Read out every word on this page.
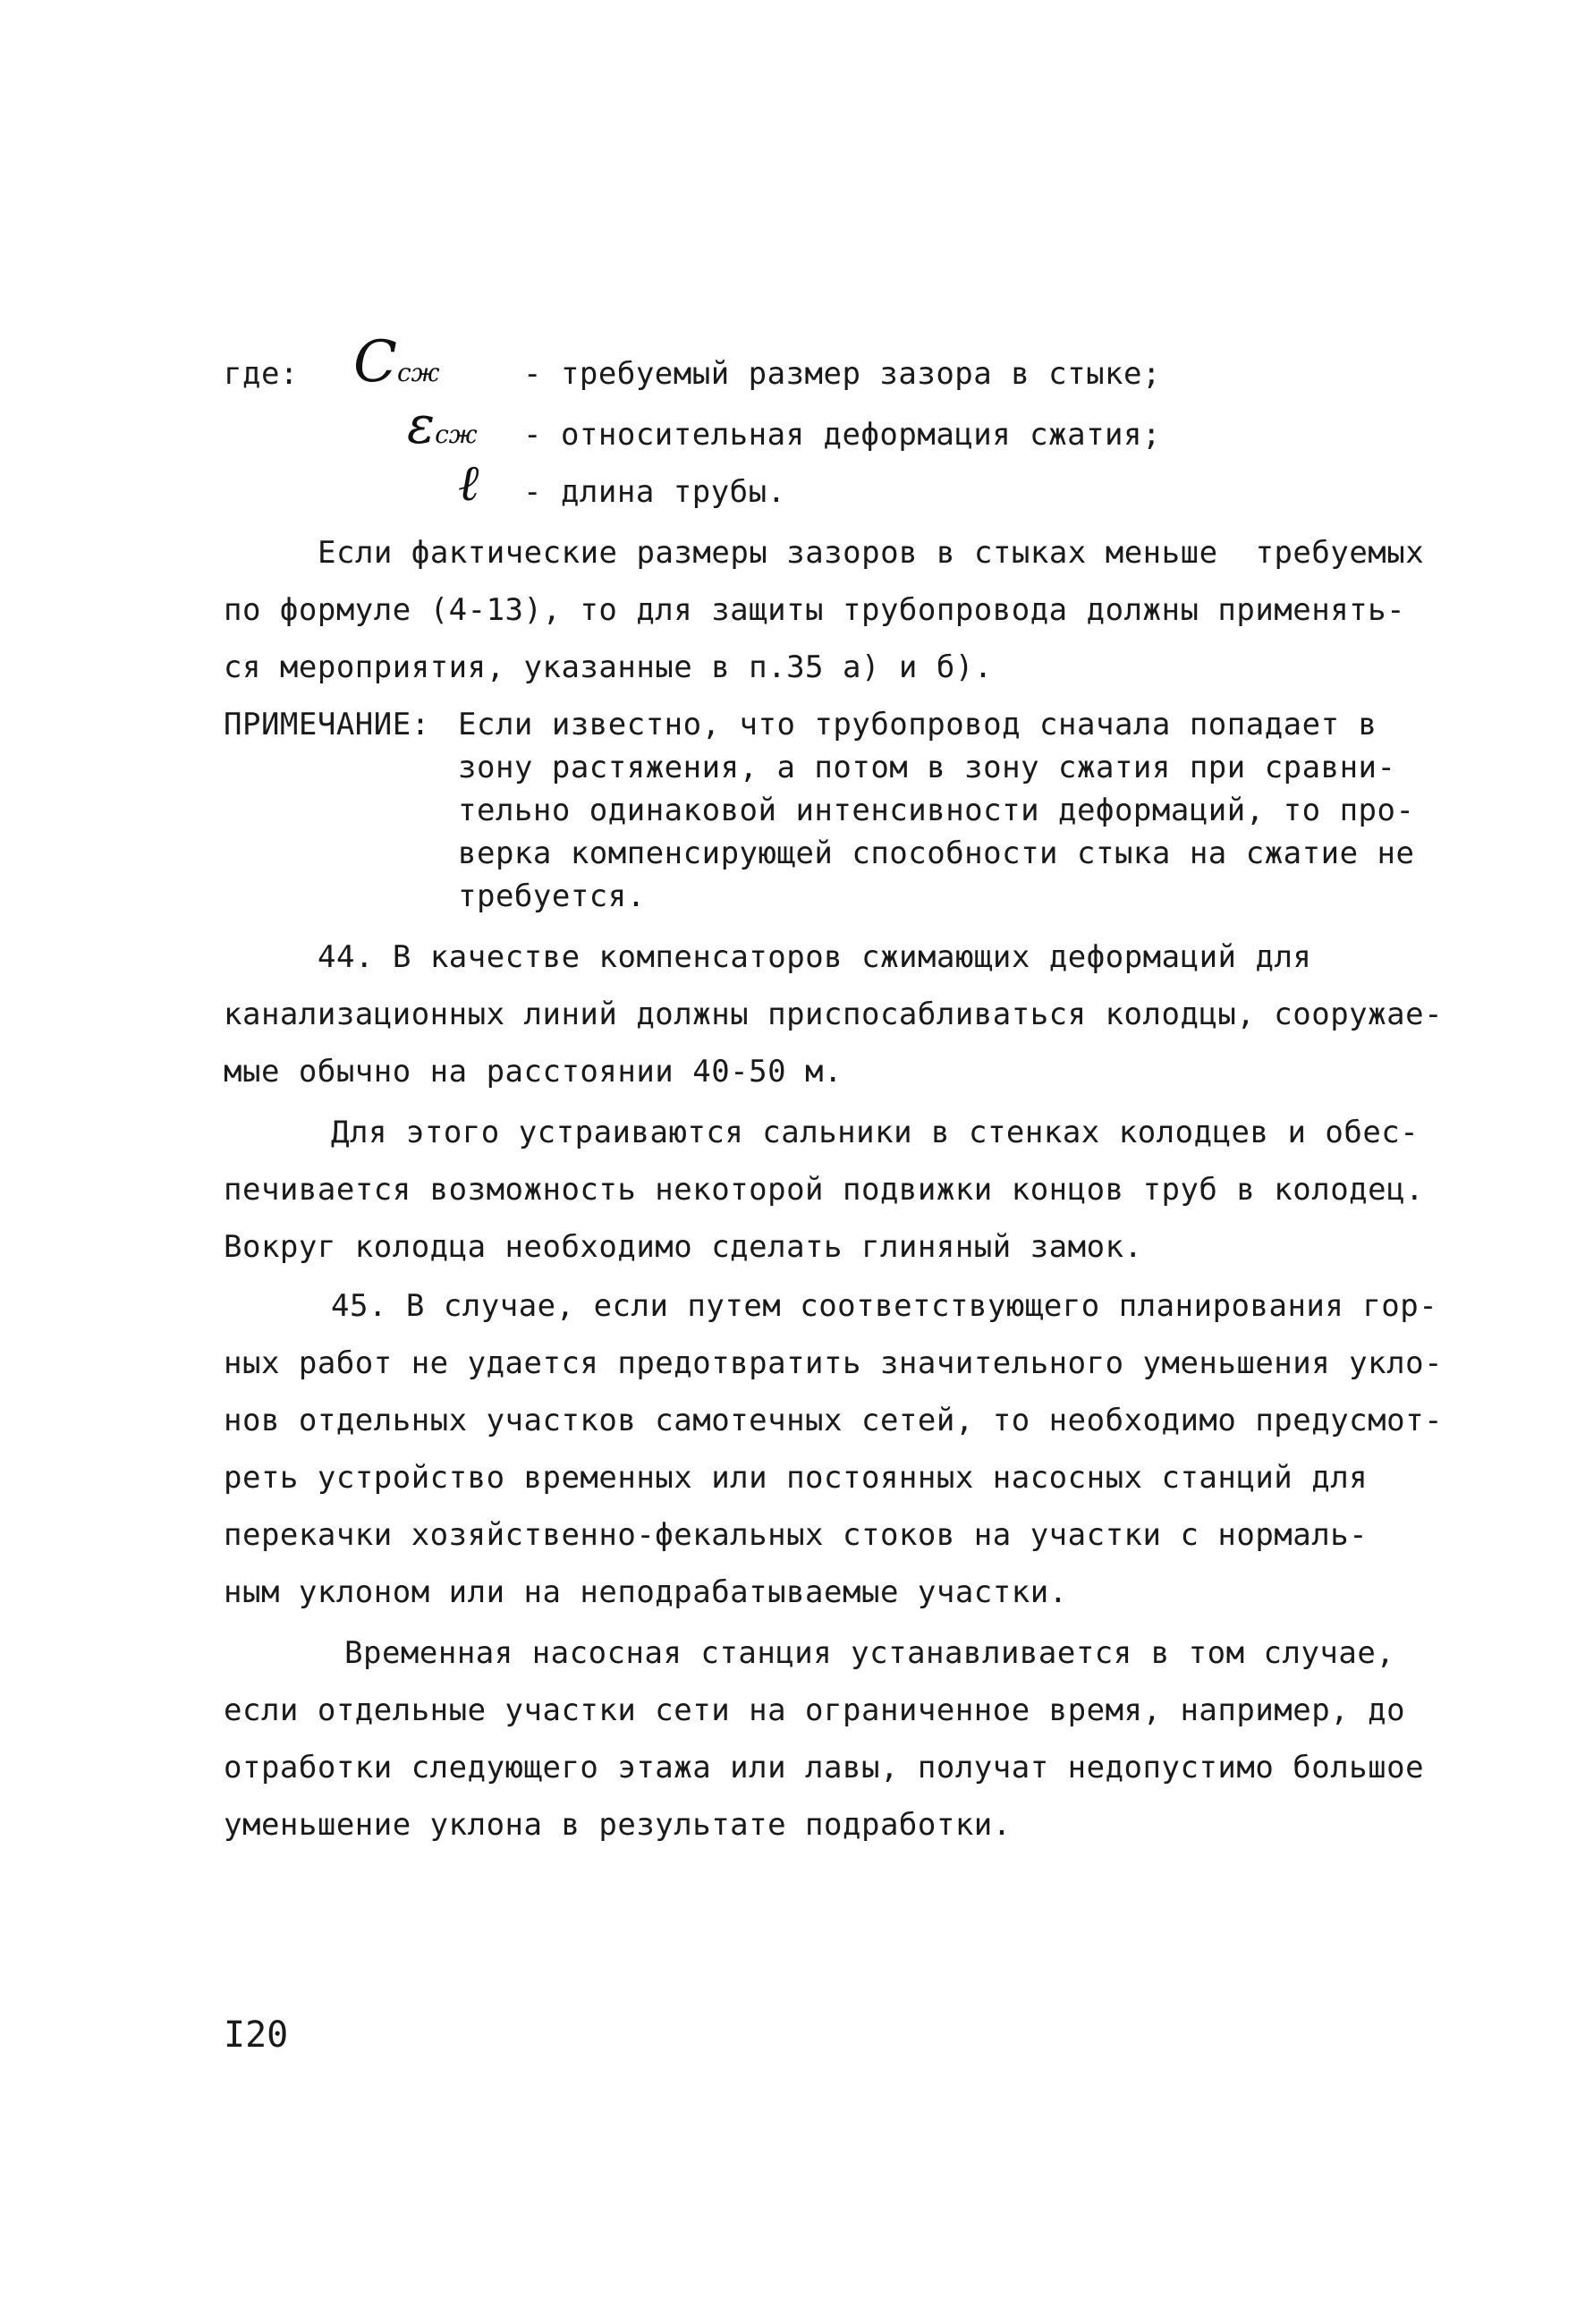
где: Cсж	- требуемый размер зазора в стыке;
εсж - относительная деформация сжатия;
ℓ - длина трубы.
Если фактические размеры зазоров в стыках меньше  требуемых
по формуле (4-13), то для защиты трубопровода должны применять-
ся мероприятия, указанные в п.35 а) и б).
ПРИМЕЧАНИЕ: Если известно, что трубопровод сначала попадает в
зону растяжения, а потом в зону сжатия при сравни-
тельно одинаковой интенсивности деформаций, то про-
верка компенсирующей способности стыка на сжатие не
требуется.
44. В качестве компенсаторов сжимающих деформаций для
канализационных линий должны приспосабливаться колодцы, сооружае-
мые обычно на расстоянии 40-50 м.
Для этого устраиваются сальники в стенках колодцев и обес-
печивается возможность некоторой подвижки концов труб в колодец.
Вокруг колодца необходимо сделать глиняный замок.
45. В случае, если путем соответствующего планирования гор-
ных работ не удается предотвратить значительного уменьшения укло-
нов отдельных участков самотечных сетей, то необходимо предусмот-
реть устройство временных или постоянных насосных станций для
перекачки хозяйственно-фекальных стоков на участки с нормаль-
ным уклоном или на неподрабатываемые участки.
Временная насосная станция устанавливается в том случае,
если отдельные участки сети на ограниченное время, например, до
отработки следующего этажа или лавы, получат недопустимо большое
уменьшение уклона в результате подработки.
I20
